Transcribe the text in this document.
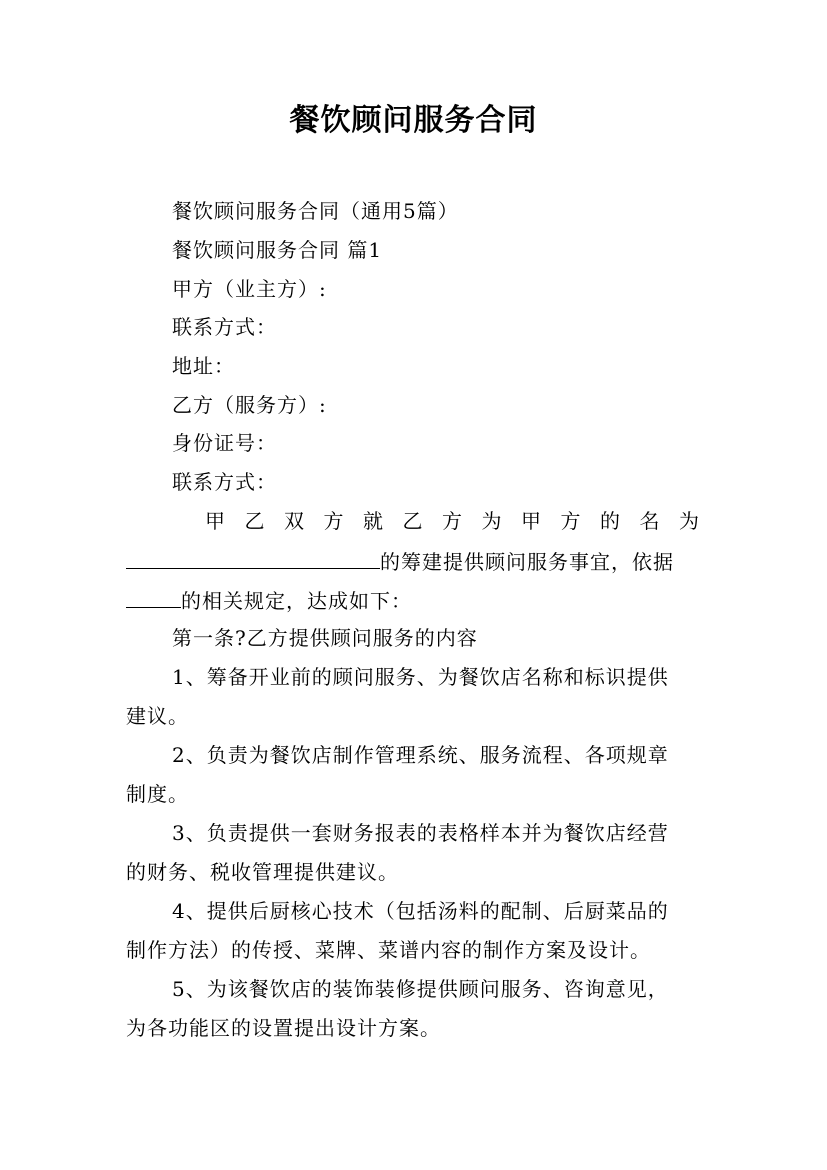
餐饮顾问服务合同
餐饮顾问服务合同（通用5篇）
餐饮顾问服务合同 篇1
甲方（业主方）:
联系方式：
地址：
乙方（服务方）:
身份证号：
联系方式：
甲乙双方就乙方为甲方的名为
的筹建提供顾问服务事宜，依据
的相关规定，达成如下：
第一条?乙方提供顾问服务的内容
1、筹备开业前的顾问服务、为餐饮店名称和标识提供
建议。
2、负责为餐饮店制作管理系统、服务流程、各项规章
制度。
3、负责提供一套财务报表的表格样本并为餐饮店经营
的财务、税收管理提供建议。
4、提供后厨核心技术（包括汤料的配制、后厨菜品的
制作方法）的传授、菜牌、菜谱内容的制作方案及设计。
5、为该餐饮店的装饰装修提供顾问服务、咨询意见，
为各功能区的设置提出设计方案。
